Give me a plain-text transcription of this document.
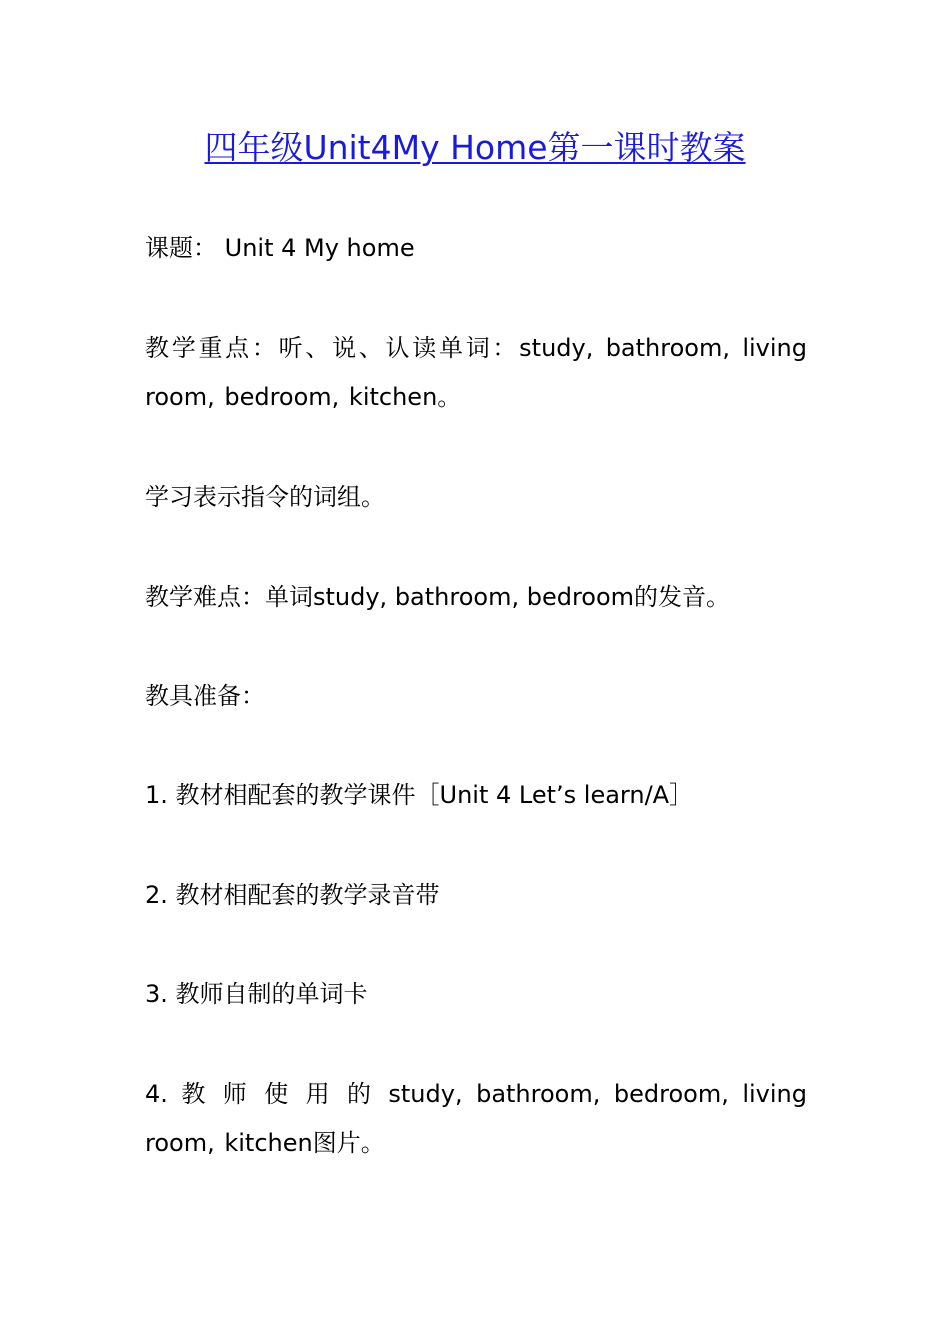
四年级Unit4My Home第一课时教案

课题： Unit 4 My home

教学重点：听、说、认读单词：study, bathroom, living room, bedroom, kitchen。

学习表示指令的词组。

教学难点：单词study, bathroom, bedroom的发音。

教具准备：

1. 教材相配套的教学课件［Unit 4 Let’s learn/A］

2. 教材相配套的教学录音带

3. 教师自制的单词卡

4. 教 师 使 用 的 study, bathroom, bedroom, living room, kitchen图片。
